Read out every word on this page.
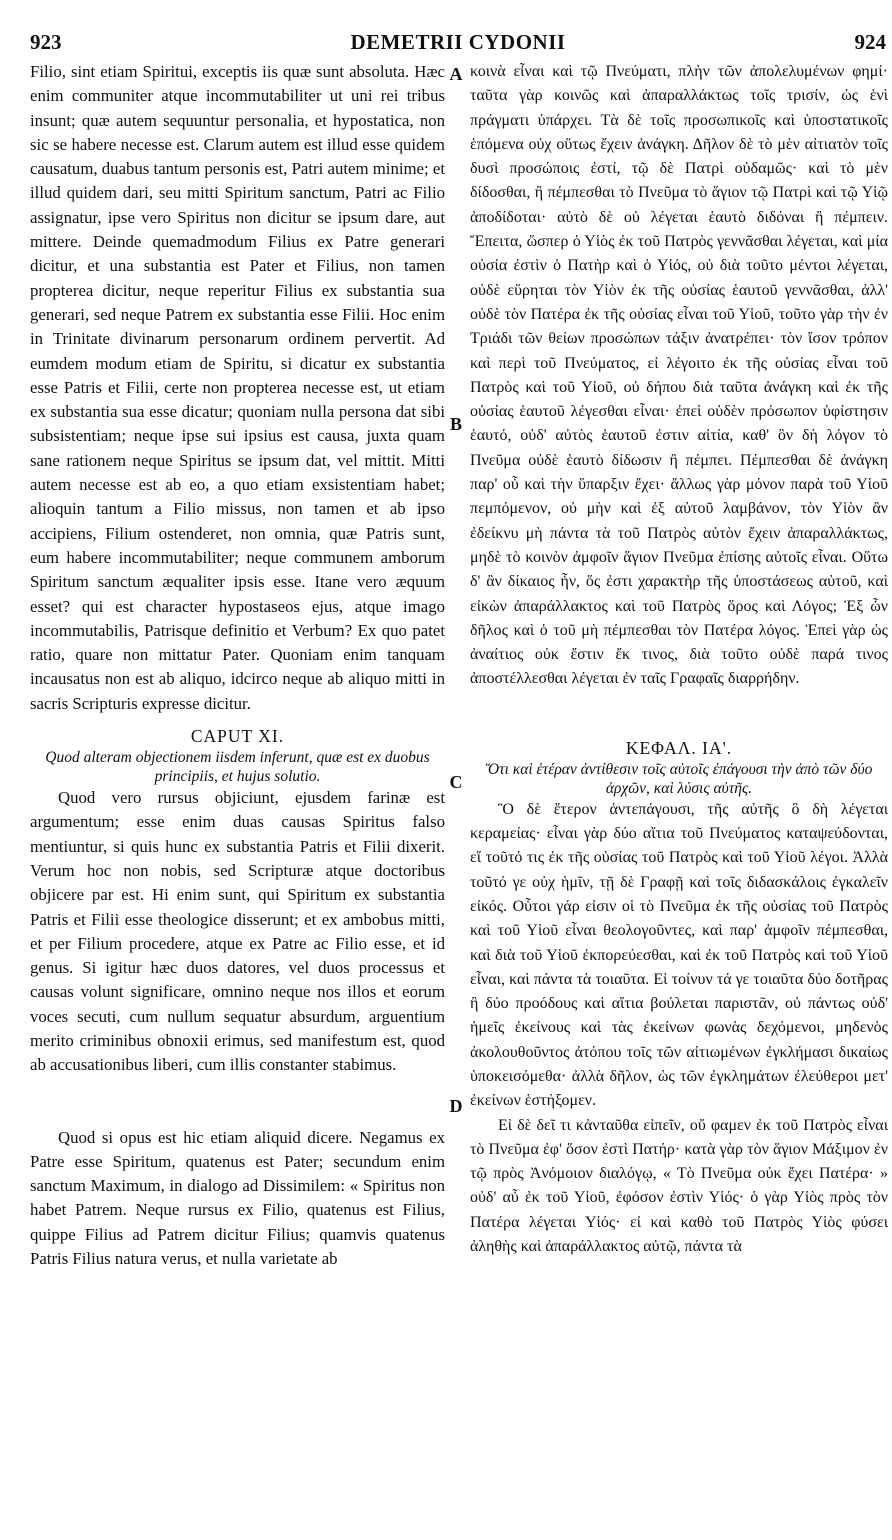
923	DEMETRII CYDONII	924

Filio, sint etiam Spiritui, exceptis iis quæ sunt absoluta. Hæc enim communiter atque incommutabiliter ut uni rei tribus insunt; quæ autem sequuntur personalia, et hypostatica, non sic se habere necesse est. Clarum autem est illud esse quidem causatum, duabus tantum personis est, Patri autem minime; et illud quidem dari, seu mitti Spiritum sanctum, Patri ac Filio assignatur, ipse vero Spiritus non dicitur se ipsum dare, aut mittere. Deinde quemadmodum Filius ex Patre generari dicitur, et una substantia est Pater et Filius, non tamen propterea dicitur, neque reperitur Filius ex substantia sua generari, sed neque Patrem ex substantia esse Filii. Hoc enim in Trinitate divinarum personarum ordinem pervertit. Ad eumdem modum etiam de Spiritu, si dicatur ex substantia esse Patris et Filii, certe non propterea necesse est, ut etiam ex substantia sua esse dicatur; quoniam nulla persona dat sibi subsistentiam; neque ipse sui ipsius est causa, juxta quam sane rationem neque Spiritus se ipsum dat, vel mittit. Mitti autem necesse est ab eo, a quo etiam exsistentiam habet; alioquin tantum a Filio missus, non tamen et ab ipso accipiens, Filium ostenderet, non omnia, quæ Patris sunt, eum habere incommutabiliter; neque communem amborum Spiritum sanctum æqualiter ipsis esse. Itane vero æquum esset? qui est character hypostaseos ejus, atque imago incommutabilis, Patrisque definitio et Verbum? Ex quo patet ratio, quare non mittatur Pater. Quoniam enim tanquam incausatus non est ab aliquo, idcirco neque ab aliquo mitti in sacris Scripturis expresse dicitur.

CAPUT XI.
Quod alteram objectionem iisdem inferunt, quæ est ex duobus principiis, et hujus solutio.

Quod vero rursus objiciunt, ejusdem farinæ est argumentum; esse enim duas causas Spiritus falso mentiuntur, si quis hunc ex substantia Patris et Filii dixerit. Verum hoc non nobis, sed Scripturæ atque doctoribus objicere par est. Hi enim sunt, qui Spiritum ex substantia Patris et Filii esse theologice disserunt; et ex ambobus mitti, et per Filium procedere, atque ex Patre ac Filio esse, et id genus. Si igitur hæc duos datores, vel duos processus et causas volunt significare, omnino neque nos illos et eorum voces secuti, cum nullum sequatur absurdum, arguentium merito criminibus obnoxii erimus, sed manifestum est, quod ab accusationibus liberi, cum illis constanter stabimus.

Quod si opus est hic etiam aliquid dicere. Negamus ex Patre esse Spiritum, quatenus est Pater; secundum enim sanctum Maximum, in dialogo ad Dissimilem: « Spiritus non habet Patrem. Neque rursus ex Filio, quatenus est Filius, quippe Filius ad Patrem dicitur Filius; quamvis quatenus Patris Filius natura verus, et nulla varietate ab

A
B
C
D

κοινὰ εἶναι καὶ τῷ Πνεύματι, πλὴν τῶν ἀπολελυμένων φημί· ταῦτα γὰρ κοινῶς καὶ ἀπαραλλάκτως τοῖς τρισίν, ὡς ἑνὶ πράγματι ὑπάρχει. Τὰ δὲ τοῖς προσωπικοῖς καὶ ὑποστατικοῖς ἑπόμενα οὐχ οὕτως ἔχειν ἀνάγκη. Δῆλον δὲ τὸ μὲν αἰτιατὸν τοῖς δυσὶ προσώποις ἐστί, τῷ δὲ Πατρὶ οὐδαμῶς· καὶ τὸ μὲν δίδοσθαι, ἢ πέμπεσθαι τὸ Πνεῦμα τὸ ἅγιον τῷ Πατρὶ καὶ τῷ Υἱῷ ἀποδίδοται· αὐτὸ δὲ οὐ λέγεται ἑαυτὸ διδόναι ἢ πέμπειν. Ἔπειτα, ὥσπερ ὁ Υἱὸς ἐκ τοῦ Πατρὸς γεννᾶσθαι λέγεται, καὶ μία οὐσία ἐστὶν ὁ Πατὴρ καὶ ὁ Υἱός, οὐ διὰ τοῦτο μέντοι λέγεται, οὐδὲ εὕρηται τὸν Υἱὸν ἐκ τῆς οὐσίας ἑαυτοῦ γεννᾶσθαι, ἀλλ' οὐδὲ τὸν Πατέρα ἐκ τῆς οὐσίας εἶναι τοῦ Υἱοῦ, τοῦτο γὰρ τὴν ἐν Τριάδι τῶν θείων προσώπων τάξιν ἀνατρέπει· τὸν ἴσον τρόπον καὶ περὶ τοῦ Πνεύματος, εἰ λέγοιτο ἐκ τῆς οὐσίας εἶναι τοῦ Πατρὸς καὶ τοῦ Υἱοῦ, οὐ δήπου διὰ ταῦτα ἀνάγκη καὶ ἐκ τῆς οὐσίας ἑαυτοῦ λέγεσθαι εἶναι· ἐπεὶ οὐδὲν πρόσωπον ὑφίστησιν ἑαυτό, οὐδ' αὐτὸς ἑαυτοῦ ἐστιν αἰτία, καθ' ὃν δὴ λόγον τὸ Πνεῦμα οὐδὲ ἑαυτὸ δίδωσιν ἢ πέμπει. Πέμπεσθαι δὲ ἀνάγκη παρ' οὗ καὶ τὴν ὕπαρξιν ἔχει· ἄλλως γὰρ μόνον παρὰ τοῦ Υἱοῦ πεμπόμενον, οὐ μὴν καὶ ἐξ αὐτοῦ λαμβάνον, τὸν Υἱὸν ἂν ἐδείκνυ μὴ πάντα τὰ τοῦ Πατρὸς αὐτὸν ἔχειν ἀπαραλλάκτως, μηδὲ τὸ κοινὸν ἀμφοῖν ἅγιον Πνεῦμα ἐπίσης αὐτοῖς εἶναι. Οὕτω δ' ἂν δίκαιος ἦν, ὅς ἐστι χαρακτὴρ τῆς ὑποστάσεως αὐτοῦ, καὶ εἰκὼν ἀπαράλλακτος καὶ τοῦ Πατρὸς ὅρος καὶ Λόγος; Ἐξ ὧν δῆλος καὶ ὁ τοῦ μὴ πέμπεσθαι τὸν Πατέρα λόγος. Ἐπεὶ γὰρ ὡς ἀναίτιος οὐκ ἔστιν ἔκ τινος, διὰ τοῦτο οὐδὲ παρά τινος ἀποστέλλεσθαι λέγεται ἐν ταῖς Γραφαῖς διαρρήδην.

ΚΕΦΑΛ. ΙΑ'.
Ὅτι καὶ ἑτέραν ἀντίθεσιν τοῖς αὐτοῖς ἐπάγουσι τὴν ἀπὸ τῶν δύο ἀρχῶν, καὶ λύσις αὐτῆς.

Ὃ δὲ ἕτερον ἀντεπάγουσι, τῆς αὐτῆς ὃ δὴ λέγεται κεραμείας· εἶναι γὰρ δύο αἴτια τοῦ Πνεύματος καταψεύδονται, εἴ τοῦτό τις ἐκ τῆς οὐσίας τοῦ Πατρὸς καὶ τοῦ Υἱοῦ λέγοι. Ἀλλὰ τοῦτό γε οὐχ ἡμῖν, τῇ δὲ Γραφῇ καὶ τοῖς διδασκάλοις ἐγκαλεῖν εἰκός. Οὗτοι γάρ εἰσιν οἱ τὸ Πνεῦμα ἐκ τῆς οὐσίας τοῦ Πατρὸς καὶ τοῦ Υἱοῦ εἶναι θεολογοῦντες, καὶ παρ' ἀμφοῖν πέμπεσθαι, καὶ διὰ τοῦ Υἱοῦ ἐκπορεύεσθαι, καὶ ἐκ τοῦ Πατρὸς καὶ τοῦ Υἱοῦ εἶναι, καὶ πάντα τὰ τοιαῦτα. Εἰ τοίνυν τά γε τοιαῦτα δύο δοτῆρας ἢ δύο προόδους καὶ αἴτια βούλεται παριστᾶν, οὐ πάντως οὐδ' ἡμεῖς ἐκείνους καὶ τὰς ἐκείνων φωνὰς δεχόμενοι, μηδενὸς ἀκολουθοῦντος ἀτόπου τοῖς τῶν αἰτιωμένων ἐγκλήμασι δικαίως ὑποκεισόμεθα· ἀλλὰ δῆλον, ὡς τῶν ἐγκλημάτων ἐλεύθεροι μετ' ἐκείνων ἑστήξομεν.

Εἰ δὲ δεῖ τι κἀνταῦθα εἰπεῖν, οὔ φαμεν ἐκ τοῦ Πατρὸς εἶναι τὸ Πνεῦμα ἐφ' ὅσον ἐστὶ Πατήρ· κατὰ γὰρ τὸν ἅγιον Μάξιμον ἐν τῷ πρὸς Ἀνόμοιον διαλόγῳ, « Τὸ Πνεῦμα οὐκ ἔχει Πατέρα· » οὐδ' αὖ ἐκ τοῦ Υἱοῦ, ἐφόσον ἐστὶν Υἱός· ὁ γὰρ Υἱὸς πρὸς τὸν Πατέρα λέγεται Υἱός· εἰ καὶ καθὸ τοῦ Πατρὸς Υἱὸς φύσει ἀληθὴς καὶ ἀπαράλλακτος αὐτῷ, πάντα τὰ
